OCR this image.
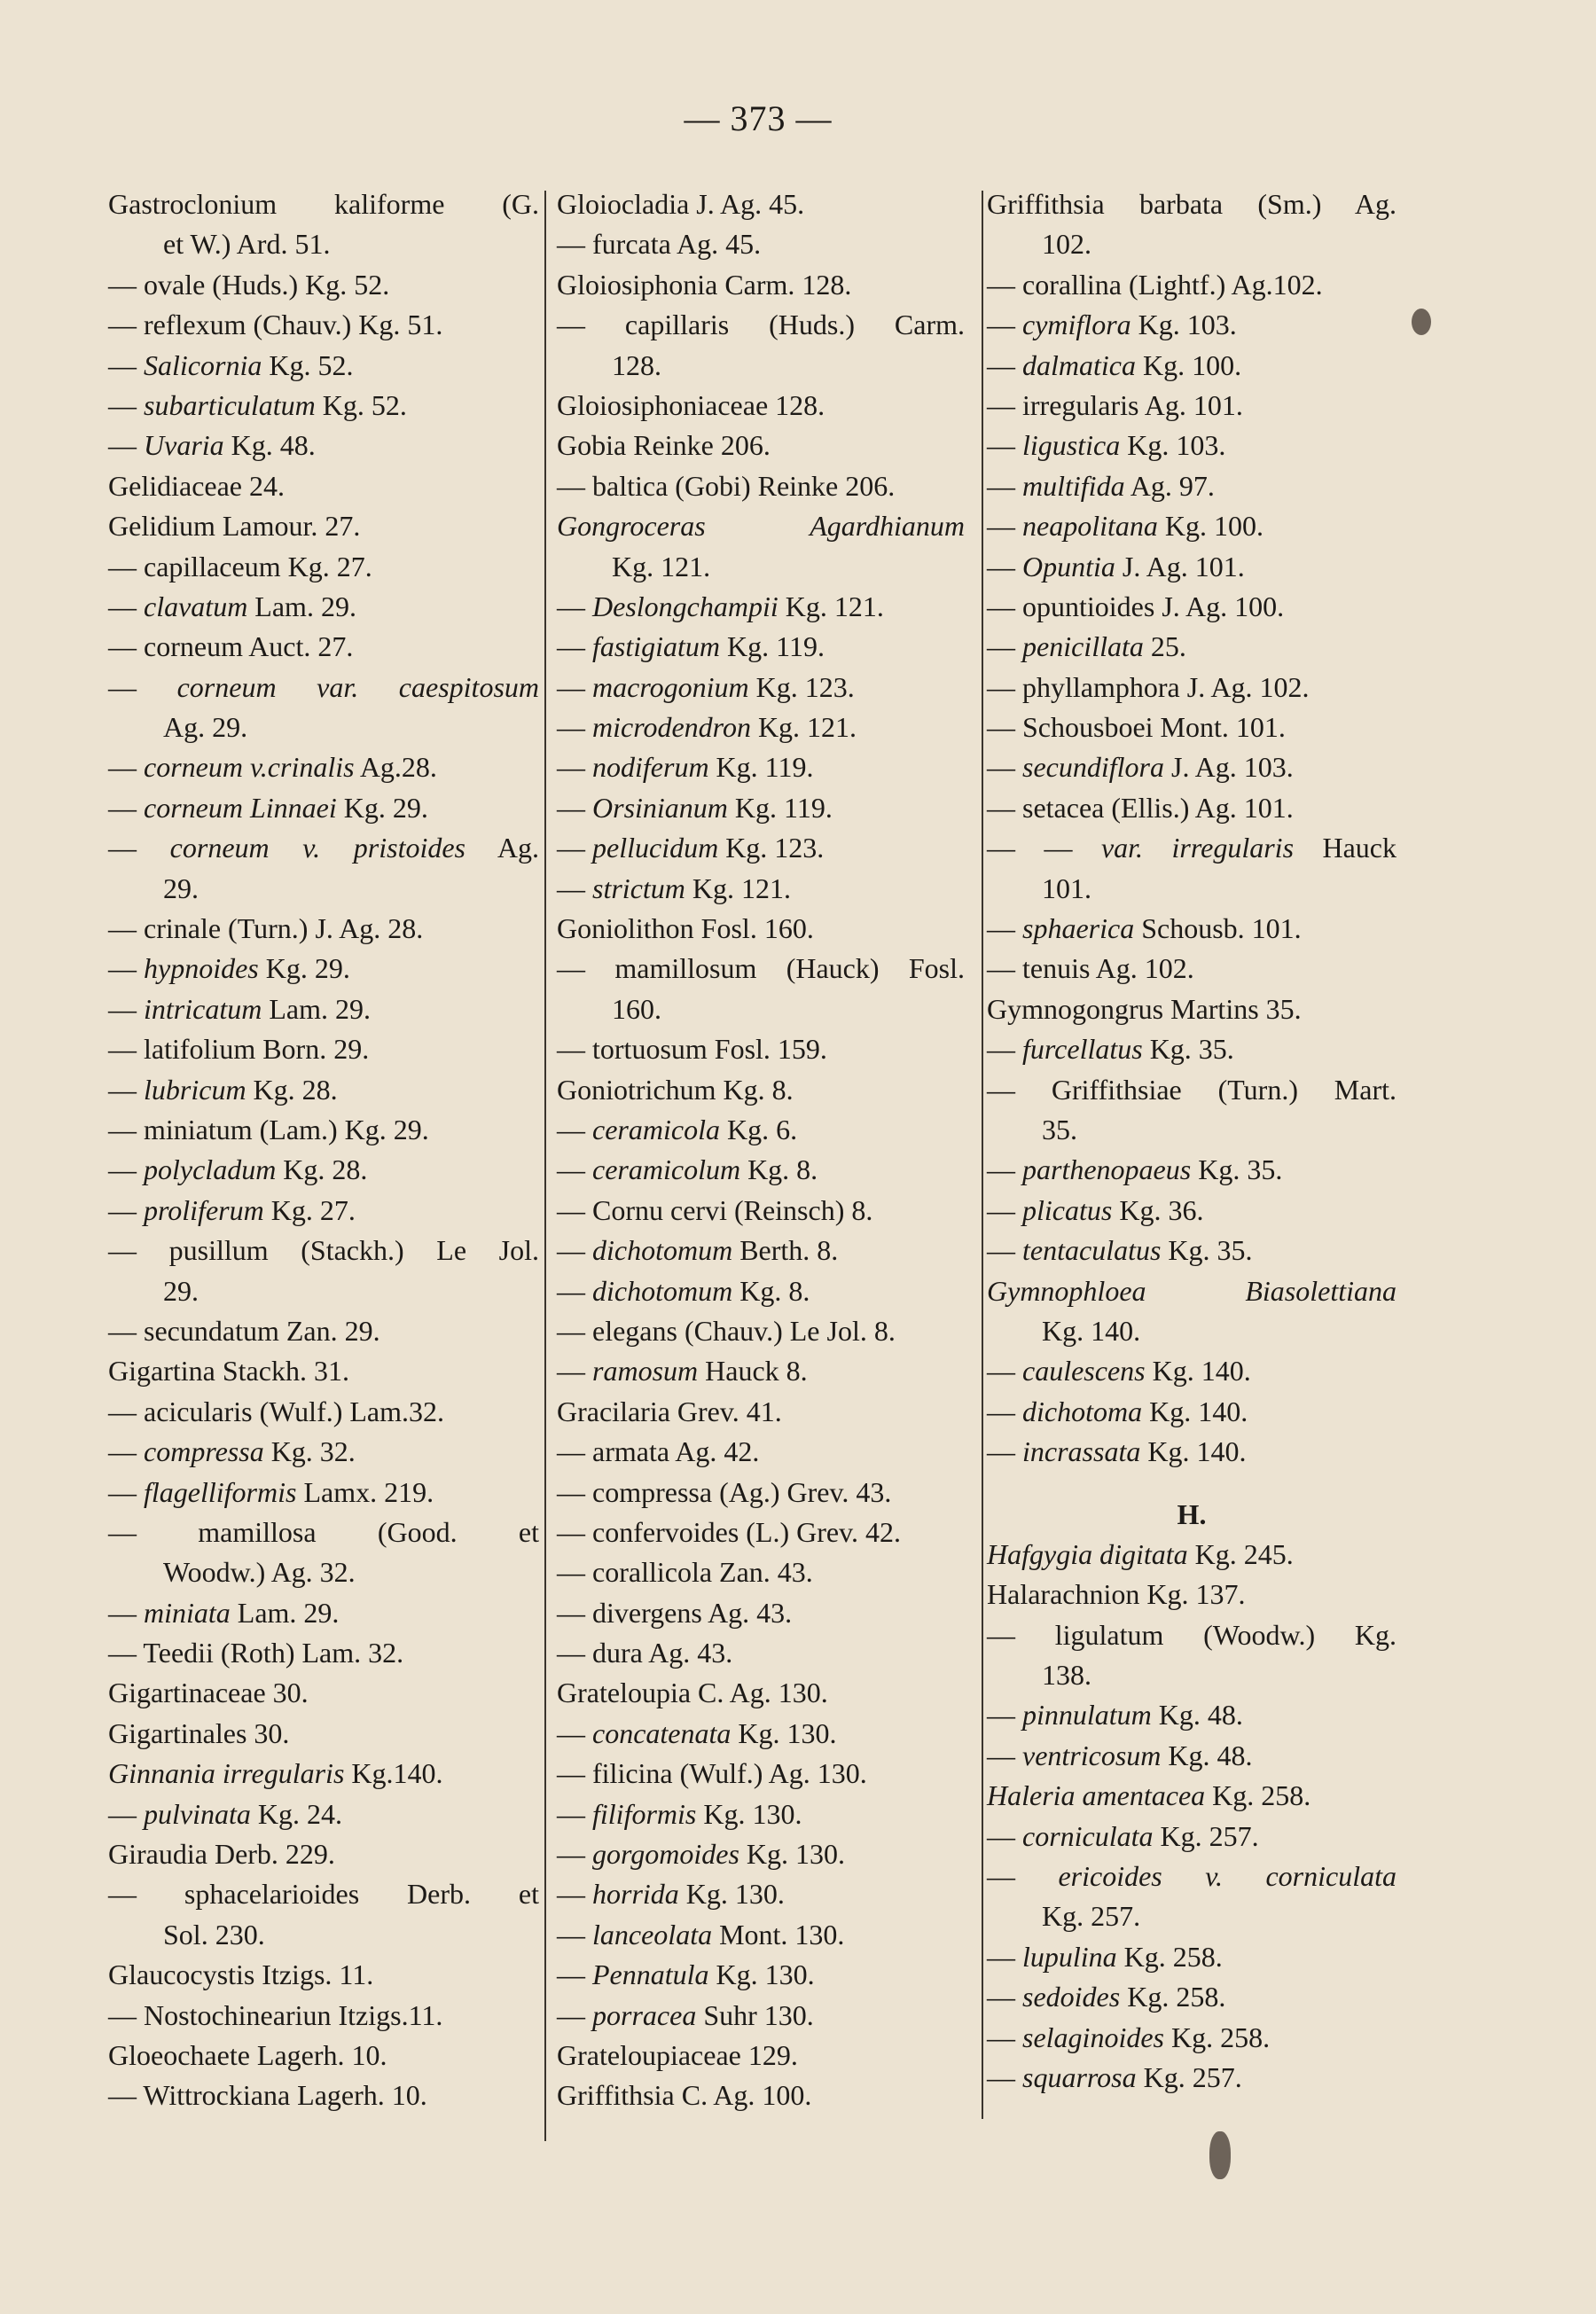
— 373 —
Gastroclonium kaliforme (G.
et W.) Ard. 51.
— ovale (Huds.) Kg. 52.
— reflexum (Chauv.) Kg. 51.
— Salicornia Kg. 52.
— subarticulatum Kg. 52.
— Uvaria Kg. 48.
Gelidiaceae 24.
Gelidium Lamour. 27.
— capillaceum Kg. 27.
— clavatum Lam. 29.
— corneum Auct. 27.
— corneum var. caespitosum
Ag. 29.
— corneum v.crinalis Ag.28.
— corneum Linnaei Kg. 29.
— corneum v. pristoides Ag.
29.
— crinale (Turn.) J. Ag. 28.
— hypnoides Kg. 29.
— intricatum Lam. 29.
— latifolium Born. 29.
— lubricum Kg. 28.
— miniatum (Lam.) Kg. 29.
— polycladum Kg. 28.
— proliferum Kg. 27.
— pusillum (Stackh.) Le Jol.
29.
— secundatum Zan. 29.
Gigartina Stackh. 31.
— acicularis (Wulf.) Lam.32.
— compressa Kg. 32.
— flagelliformis Lamx. 219.
— mamillosa (Good. et
Woodw.) Ag. 32.
— miniata Lam. 29.
— Teedii (Roth) Lam. 32.
Gigartinaceae 30.
Gigartinales 30.
Ginnania irregularis Kg.140.
— pulvinata Kg. 24.
Giraudia Derb. 229.
— sphacelarioides Derb. et
Sol. 230.
Glaucocystis Itzigs. 11.
— Nostochineariun Itzigs.11.
Gloeochaete Lagerh. 10.
— Wittrockiana Lagerh. 10.
Gloiocladia J. Ag. 45.
— furcata Ag. 45.
Gloiosiphonia Carm. 128.
— capillaris (Huds.) Carm.
128.
Gloiosiphoniaceae 128.
Gobia Reinke 206.
— baltica (Gobi) Reinke 206.
Gongroceras Agardhianum
Kg. 121.
— Deslongchampii Kg. 121.
— fastigiatum Kg. 119.
— macrogonium Kg. 123.
— microdendron Kg. 121.
— nodiferum Kg. 119.
— Orsinianum Kg. 119.
— pellucidum Kg. 123.
— strictum Kg. 121.
Goniolithon Fosl. 160.
— mamillosum (Hauck) Fosl.
160.
— tortuosum Fosl. 159.
Goniotrichum Kg. 8.
— ceramicola Kg. 6.
— ceramicolum Kg. 8.
— Cornu cervi (Reinsch) 8.
— dichotomum Berth. 8.
— dichotomum Kg. 8.
— elegans (Chauv.) Le Jol. 8.
— ramosum Hauck 8.
Gracilaria Grev. 41.
— armata Ag. 42.
— compressa (Ag.) Grev. 43.
— confervoides (L.) Grev. 42.
— corallicola Zan. 43.
— divergens Ag. 43.
— dura Ag. 43.
Grateloupia C. Ag. 130.
— concatenata Kg. 130.
— filicina (Wulf.) Ag. 130.
— filiformis Kg. 130.
— gorgomoides Kg. 130.
— horrida Kg. 130.
— lanceolata Mont. 130.
— Pennatula Kg. 130.
— porracea Suhr 130.
Grateloupiaceae 129.
Griffithsia C. Ag. 100.
Griffithsia barbata (Sm.) Ag.
102.
— corallina (Lightf.) Ag.102.
— cymiflora Kg. 103.
— dalmatica Kg. 100.
— irregularis Ag. 101.
— ligustica Kg. 103.
— multifida Ag. 97.
— neapolitana Kg. 100.
— Opuntia J. Ag. 101.
— opuntioides J. Ag. 100.
— penicillata 25.
— phyllamphora J. Ag. 102.
— Schousboei Mont. 101.
— secundiflora J. Ag. 103.
— setacea (Ellis.) Ag. 101.
— — var. irregularis Hauck
101.
— sphaerica Schousb. 101.
— tenuis Ag. 102.
Gymnogongrus Martins 35.
— furcellatus Kg. 35.
— Griffithsiae (Turn.) Mart.
35.
— parthenopaeus Kg. 35.
— plicatus Kg. 36.
— tentaculatus Kg. 35.
Gymnophloea Biasolettiana
Kg. 140.
— caulescens Kg. 140.
— dichotoma Kg. 140.
— incrassata Kg. 140.
H.
Hafgygia digitata Kg. 245.
Halarachnion Kg. 137.
— ligulatum (Woodw.) Kg.
138.
— pinnulatum Kg. 48.
— ventricosum Kg. 48.
Haleria amentacea Kg. 258.
— corniculata Kg. 257.
— ericoides v. corniculata
Kg. 257.
— lupulina Kg. 258.
— sedoides Kg. 258.
— selaginoides Kg. 258.
— squarrosa Kg. 257.
